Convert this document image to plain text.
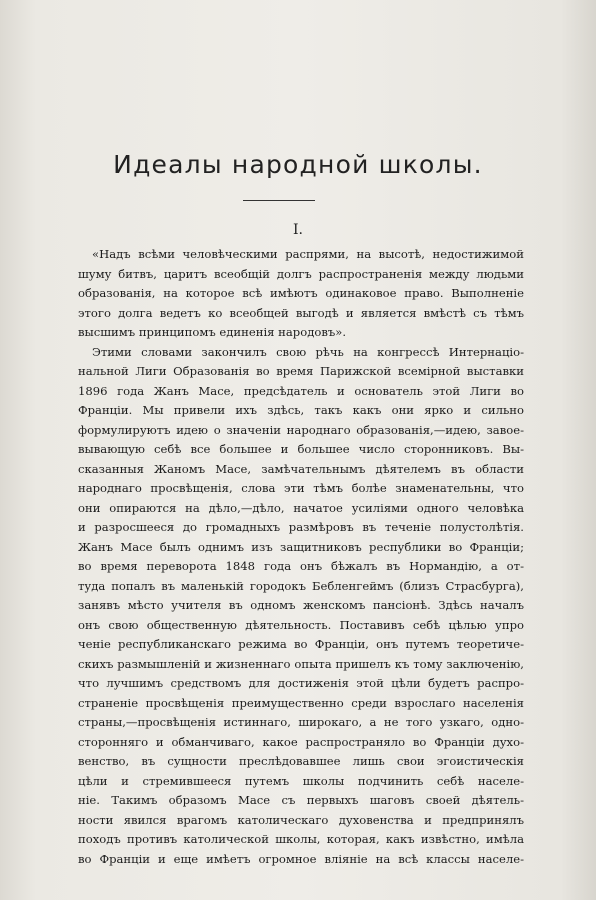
Идеалы народной школы.
I.
«Надъ всѣми человѣческими распрями, на высотѣ, недостижимой
шуму битвъ, царитъ всеобщій долгъ распространенія между людьми
образованія, на которое всѣ имѣютъ одинаковое право. Выполненіе
этого долга ведетъ ко всеобщей выгодѣ и является вмѣстѣ съ тѣмъ
высшимъ принципомъ единенія народовъ».
Этими словами закончилъ свою рѣчь на конгрессѣ Интернаціо-
нальной Лиги Образованія во время Парижской всемірной выставки
1896 года Жанъ Масе, предсѣдатель и основатель этой Лиги во
Франціи. Мы привели ихъ здѣсь, такъ какъ они ярко и сильно
формулируютъ идею о значеніи народнаго образованія,—идею, завое-
вывающую себѣ все большее и большее число сторонниковъ. Вы-
сказанныя Жаномъ Масе, замѣчательнымъ дѣятелемъ въ области
народнаго просвѣщенія, слова эти тѣмъ болѣе знаменательны, что
они опираются на дѣло,—дѣло, начатое усиліями одного человѣка
и разросшееся до громадныхъ размѣровъ въ теченіе полустолѣтія.
Жанъ Масе былъ однимъ изъ защитниковъ республики во Франціи;
во время переворота 1848 года онъ бѣжалъ въ Нормандію, а от-
туда попалъ въ маленькій городокъ Бебленгеймъ (близъ Страсбурга),
занявъ мѣсто учителя въ одномъ женскомъ пансіонѣ. Здѣсь началъ
онъ свою общественную дѣятельность. Поставивъ себѣ цѣлью упро
ченіе республиканскаго режима во Франціи, онъ путемъ теоретиче-
скихъ размышленій и жизненнаго опыта пришелъ къ тому заключенію,
что лучшимъ средствомъ для достиженія этой цѣли будетъ распро-
страненіе просвѣщенія преимущественно среди взрослаго населенія
страны,—просвѣщенія истиннаго, широкаго, а не того узкаго, одно-
сторонняго и обманчиваго, какое распространяло во Франціи духо-
венство, въ сущности преслѣдовавшее лишь свои эгоистическія
цѣли и стремившееся путемъ школы подчинить себѣ населе-
ніе. Такимъ образомъ Масе съ первыхъ шаговъ своей дѣятель-
ности явился врагомъ католическаго духовенства и предпринялъ
походъ противъ католической школы, которая, какъ извѣстно, имѣла
во Франціи и еще имѣетъ огромное вліяніе на всѣ классы населе-
